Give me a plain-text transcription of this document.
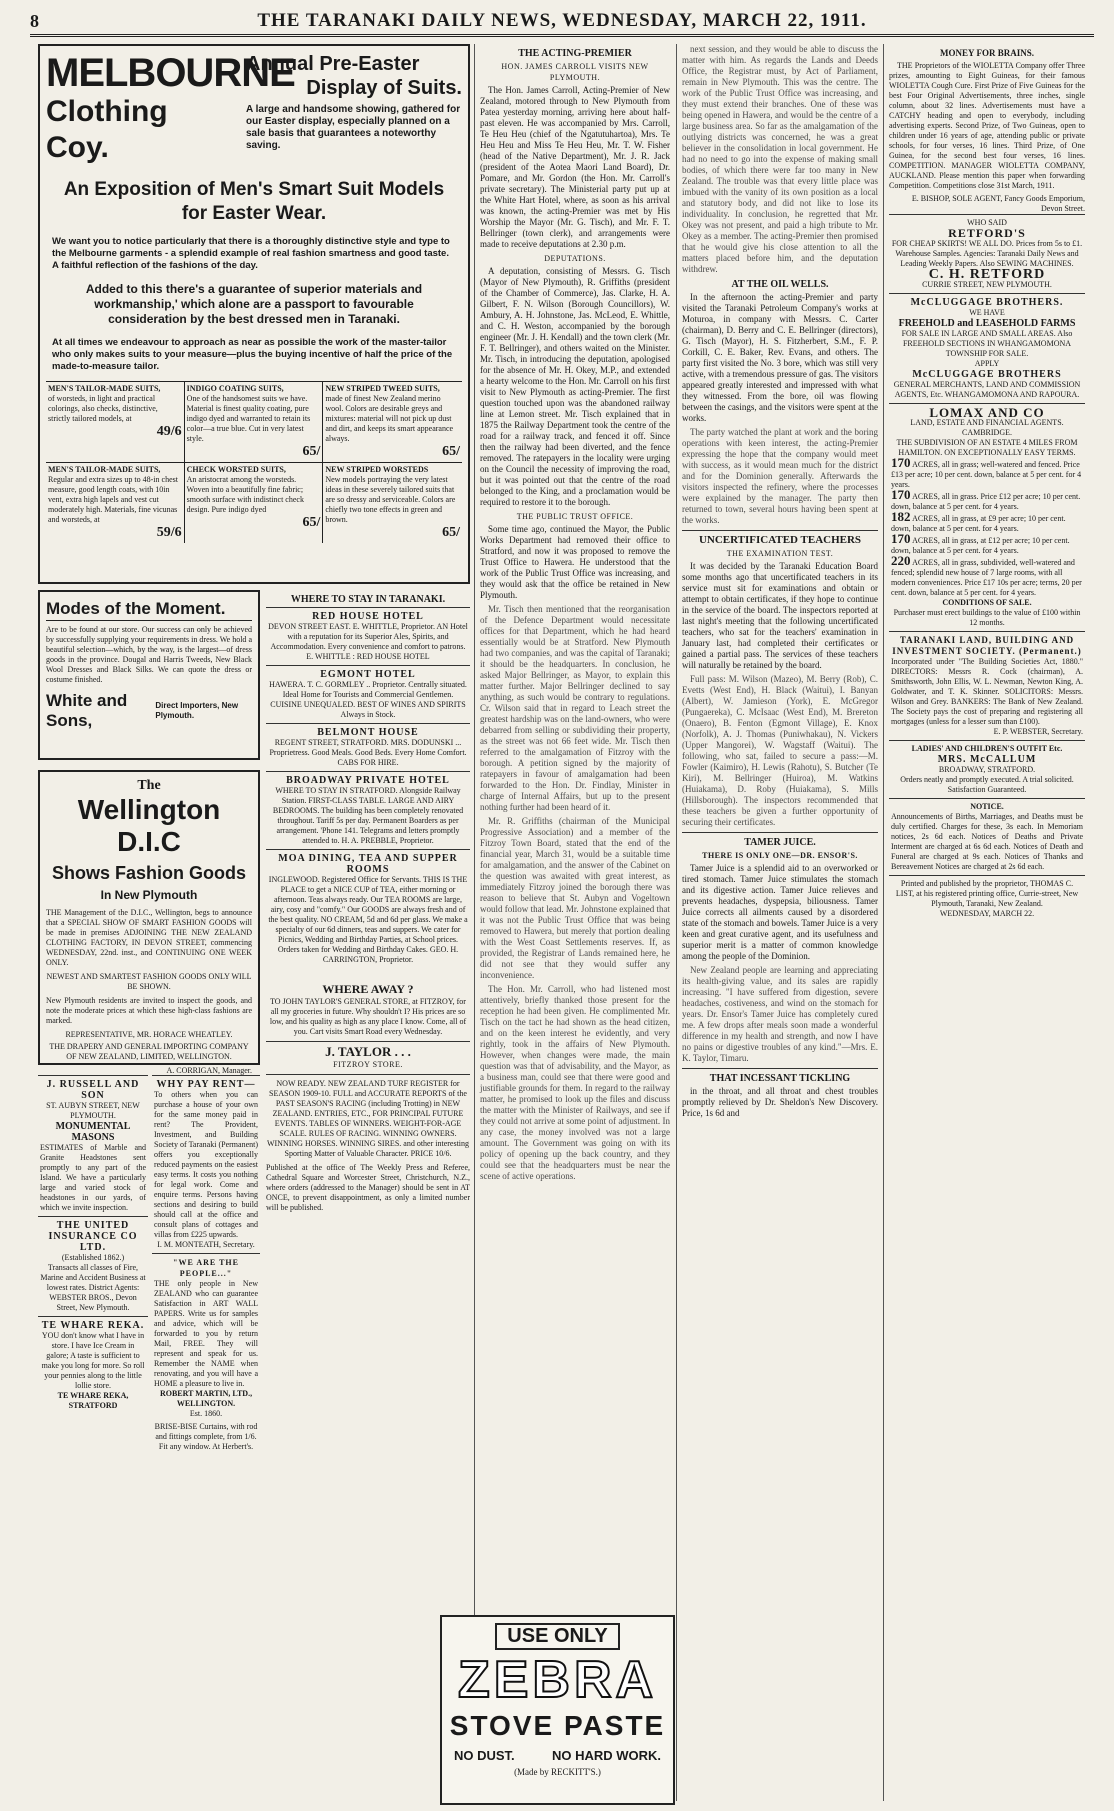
8	THE TARANAKI DAILY NEWS, WEDNESDAY, MARCH 22, 1911.
MELBOURNE
Clothing Coy.
Annual Pre-Easter
Display of Suits.
A large and handsome showing, gathered for our Easter display, especially planned on a sale basis that guarantees a noteworthy saving.
An Exposition of Men's Smart Suit Models for Easter Wear.
We want you to notice particularly that there is a thoroughly distinctive style and type to the Melbourne garments - a splendid example of real fashion smartness and good taste. A faithful reflection of the fashions of the day.
Added to this there's a guarantee of superior materials and workmanship,' which alone are a passport to favourable consideration by the best dressed men in Taranaki.
At all times we endeavour to approach as near as possible the work of the master-tailor who only makes suits to your measure—plus the buying incentive of half the price of the made-to-measure tailor.
MEN'S TAILOR-MADE SUITS,
of worsteds, in light and practical colorings, also checks, distinctive, strictly tailored models, at
49/6
INDIGO COATING SUITS,
One of the handsomest suits we have. Material is finest quality coating, pure indigo dyed and warranted to retain its color—a true blue. Cut in very latest style.
65/
NEW STRIPED TWEED SUITS,
made of finest New Zealand merino wool. Colors are desirable greys and mixtures: material will not pick up dust and dirt, and keeps its smart appearance always.
65/
MEN'S TAILOR-MADE SUITS,
Regular and extra sizes up to 48-in chest measure, good length coats, with 10in vent, extra high lapels and vest cut moderately high. Materials, fine vicunas and worsteds, at
59/6
CHECK WORSTED SUITS,
An aristocrat among the worsteds. Woven into a beautifully fine fabric; smooth surface with indistinct check design. Pure indigo dyed
65/
NEW STRIPED WORSTEDS
New models portraying the very latest ideas in these severely tailored suits that are so dressy and serviceable. Colors are chiefly two tone effects in green and brown.
65/
Modes of the Moment.
Are to be found at our store. Our success can only be achieved by successfully supplying your requirements in dress. We hold a beautiful selection—which, by the way, is the largest—of dress goods in the province. Dougal and Harris Tweeds, New Black Wool Dresses and Black Silks. We can quote the dress or costume finished.
White and Sons,
Direct Importers, New Plymouth.
WHERE TO STAY IN TARANAKI.
RED HOUSE HOTEL
DEVON STREET EAST. E. WHITTLE, Proprietor. AN Hotel with a reputation for its Superior Ales, Spirits, and Accommodation. Every convenience and comfort to patrons. E. WHITTLE : RED HOUSE HOTEL
EGMONT HOTEL
HAWERA. T. C. GORMLEY .. Proprietor. Centrally situated. Ideal Home for Tourists and Commercial Gentlemen. CUISINE UNEQUALED. BEST OF WINES AND SPIRITS Always in Stock.
BELMONT HOUSE
REGENT STREET, STRATFORD. MRS. DODUNSKI ... Proprietress. Good Meals. Good Beds. Every Home Comfort. CABS FOR HIRE.
BROADWAY PRIVATE HOTEL
WHERE TO STAY IN STRATFORD. Alongside Railway Station. FIRST-CLASS TABLE. LARGE AND AIRY BEDROOMS. The building has been completely renovated throughout. Tariff 5s per day. Permanent Boarders as per arrangement. 'Phone 141. Telegrams and letters promptly attended to. H. A. PREBBLE, Proprietor.
MOA DINING, TEA AND SUPPER ROOMS
INGLEWOOD. Registered Office for Servants. THIS IS THE PLACE to get a NICE CUP of TEA, either morning or afternoon. Teas always ready. Our TEA ROOMS are large, airy, cosy and "comfy." Our GOODS are always fresh and of the best quality. NO CREAM, 5d and 6d per glass. We make a specialty of our 6d dinners, teas and suppers. We cater for Picnics, Wedding and Birthday Parties, at School prices. Orders taken for Wedding and Birthday Cakes. GEO. H. CARRINGTON, Proprietor.
The
Wellington D.I.C
Shows Fashion Goods
In New Plymouth
THE Management of the D.I.C., Wellington, begs to announce that a SPECIAL SHOW OF SMART FASHION GOODS will be made in premises ADJOINING THE NEW ZEALAND CLOTHING FACTORY, IN DEVON STREET, commencing WEDNESDAY, 22nd. inst., and CONTINUING ONE WEEK ONLY.
NEWEST AND SMARTEST FASHION GOODS ONLY WILL BE SHOWN.
New Plymouth residents are invited to inspect the goods, and note the moderate prices at which these high-class fashions are marked.
REPRESENTATIVE, MR. HORACE WHEATLEY.
THE DRAPERY AND GENERAL IMPORTING COMPANY OF NEW ZEALAND, LIMITED, WELLINGTON.
A. CORRIGAN, Manager.
WHERE AWAY ?
TO JOHN TAYLOR'S GENERAL STORE, at FITZROY, for all my groceries in future. Why shouldn't I? His prices are so low, and his quality as high as any place I know. Come, all of you. Cart visits Smart Road every Wednesday.
J. TAYLOR . . .
FITZROY STORE.
NOW READY. NEW ZEALAND TURF REGISTER for SEASON 1909-10. FULL and ACCURATE REPORTS of the PAST SEASON'S RACING (including Trotting) in NEW ZEALAND. ENTRIES, ETC., FOR PRINCIPAL FUTURE EVENTS. TABLES OF WINNERS. WEIGHT-FOR-AGE SCALE. RULES OF RACING. WINNING OWNERS. WINNING HORSES. WINNING SIRES. and other interesting Sporting Matter of Valuable Character. PRICE 10/6.
Published at the office of The Weekly Press and Referee, Cathedral Square and Worcester Street, Christchurch, N.Z., where orders (addressed to the Manager) should be sent in AT ONCE, to prevent disappointment, as only a limited number will be published.
J. RUSSELL AND SON
ST. AUBYN STREET, NEW PLYMOUTH.
MONUMENTAL MASONS
ESTIMATES of Marble and Granite Headstones sent promptly to any part of the Island. We have a particularly large and varied stock of headstones in our yards, of which we invite inspection.
THE UNITED INSURANCE CO LTD.
(Established 1862.)
Transacts all classes of Fire, Marine and Accident Business at lowest rates. District Agents: WEBSTER BROS., Devon Street, New Plymouth.
TE WHARE REKA.
YOU don't know what I have in store. I have Ice Cream in galore; A taste is sufficient to make you long for more. So roll your pennies along to the little lollie store.
TE WHARE REKA, STRATFORD
WHY PAY RENT—
To others when you can purchase a house of your own for the same money paid in rent? The Provident, Investment, and Building Society of Taranaki (Permanent) offers you exceptionally reduced payments on the easiest easy terms. It costs you nothing for legal work. Come and enquire terms. Persons having sections and desiring to build should call at the office and consult plans of cottages and villas from £225 upwards.
I. M. MONTEATH, Secretary.
"WE ARE THE PEOPLE..."
THE only people in New ZEALAND who can guarantee Satisfaction in ART WALL PAPERS. Write us for samples and advice, which will be forwarded to you by return Mail, FREE. They will represent and speak for us. Remember the NAME when renovating, and you will have a HOME a pleasure to live in.
ROBERT MARTIN, LTD., WELLINGTON.
Est. 1860.
BRISE-BISE Curtains, with rod and fittings complete, from 1/6. Fit any window. At Herbert's.
THE ACTING-PREMIER
HON. JAMES CARROLL VISITS NEW PLYMOUTH.
The Hon. James Carroll, Acting-Premier of New Zealand, motored through to New Plymouth from Patea yesterday morning, arriving here about half-past eleven. He was accompanied by Mrs. Carroll, Te Heu Heu (chief of the Ngatutuhartoa), Mrs. Te Heu Heu and Miss Te Heu Heu, Mr. T. W. Fisher (head of the Native Department), Mr. J. R. Jack (president of the Aotea Maori Land Board), Dr. Pomare, and Mr. Gordon (the Hon. Mr. Carroll's private secretary). The Ministerial party put up at the White Hart Hotel, where, as soon as his arrival was known, the acting-Premier was met by His Worship the Mayor (Mr. G. Tisch), and Mr. F. T. Bellringer (town clerk), and arrangements were made to receive deputations at 2.30 p.m.
DEPUTATIONS.
A deputation, consisting of Messrs. G. Tisch (Mayor of New Plymouth), R. Griffiths (president of the Chamber of Commerce), Jas. Clarke, H. A. Gilbert, F. N. Wilson (Borough Councillors), W. Ambury, A. H. Johnstone, Jas. McLeod, E. Whittle, and C. H. Weston, accompanied by the borough engineer (Mr. J. H. Kendall) and the town clerk (Mr. F. T. Bellringer), and others waited on the Minister. Mr. Tisch, in introducing the deputation, apologised for the absence of Mr. H. Okey, M.P., and extended a hearty welcome to the Hon. Mr. Carroll on his first visit to New Plymouth as acting-Premier. The first question touched upon was the abandoned railway line at Lemon street. Mr. Tisch explained that in 1875 the Railway Department took the centre of the road for a railway track, and fenced it off. Since then the railway had been diverted, and the fence removed. The ratepayers in the locality were urging on the Council the necessity of improving the road, but it was pointed out that the centre of the road belonged to the King, and a proclamation would be required to restore it to the borough.
THE PUBLIC TRUST OFFICE.
Some time ago, continued the Mayor, the Public Works Department had removed their office to Stratford, and now it was proposed to remove the Trust Office to Hawera. He understood that the work of the Public Trust Office was increasing, and they would ask that the office be retained in New Plymouth.
Mr. Tisch then mentioned that the reorganisation of the Defence Department would necessitate offices for that Department, which he had heard essentially would be at Stratford. New Plymouth had two companies, and was the capital of Taranaki; it should be the headquarters. In conclusion, he asked Major Bellringer, as Mayor, to explain this matter further. Major Bellringer declined to say anything, as such would be contrary to regulations. Cr. Wilson said that in regard to Leach street the greatest hardship was on the land-owners, who were debarred from selling or subdividing their property, as the street was not 66 feet wide. Mr. Tisch then referred to the amalgamation of Fitzroy with the borough. A petition signed by the majority of ratepayers in favour of amalgamation had been forwarded to the Hon. Dr. Findlay, Minister in charge of Internal Affairs, but up to the present nothing further had been heard of it.
Mr. R. Griffiths (chairman of the Municipal Progressive Association) and a member of the Fitzroy Town Board, stated that the end of the financial year, March 31, would be a suitable time for amalgamation, and the answer of the Cabinet on the question was awaited with great interest, as immediately Fitzroy joined the borough there was reason to believe that St. Aubyn and Vogeltown would follow that lead. Mr. Johnstone explained that it was not the Public Trust Office that was being removed to Hawera, but merely that portion dealing with the West Coast Settlements reserves. If, as provided, the Registrar of Lands remained here, he did not see that they would suffer any inconvenience.
The Hon. Mr. Carroll, who had listened most attentively, briefly thanked those present for the reception he had been given. He complimented Mr. Tisch on the tact he had shown as the head citizen, and on the keen interest he evidently, and very rightly, took in the affairs of New Plymouth. However, when changes were made, the main question was that of advisability, and the Mayor, as a business man, could see that there were good and justifiable grounds for them. In regard to the railway matter, he promised to look up the files and discuss the matter with the Minister of Railways, and see if they could not arrive at some point of adjustment. In any case, the money involved was not a large amount. The Government was going on with its policy of opening up the back country, and they could see that the headquarters must be near the scene of active operations.
next session, and they would be able to discuss the matter with him. As regards the Lands and Deeds Office, the Registrar must, by Act of Parliament, remain in New Plymouth. This was the centre. The work of the Public Trust Office was increasing, and they must extend their branches. One of these was being opened in Hawera, and would be the centre of a large business area. So far as the amalgamation of the outlying districts was concerned, he was a great believer in the consolidation in local government. He had no need to go into the expense of making small bodies, of which there were far too many in New Zealand. The trouble was that every little place was imbued with the vanity of its own position as a local and statutory body, and did not like to lose its individuality. In conclusion, he regretted that Mr. Okey was not present, and paid a high tribute to Mr. Okey as a member. The acting-Premier then promised that he would give his close attention to all the matters placed before him, and the deputation withdrew.
AT THE OIL WELLS.
In the afternoon the acting-Premier and party visited the Taranaki Petroleum Company's works at Moturoa, in company with Messrs. C. Carter (chairman), D. Berry and C. E. Bellringer (directors), G. Tisch (Mayor), H. S. Fitzherbert, S.M., F. P. Corkill, C. E. Baker, Rev. Evans, and others. The party first visited the No. 3 bore, which was still very active, with a tremendous pressure of gas. The visitors appeared greatly interested and impressed with what they witnessed. From the bore, oil was flowing between the casings, and the visitors were spent at the works.
The party watched the plant at work and the boring operations with keen interest, the acting-Premier expressing the hope that the company would meet with success, as it would mean much for the district and for the Dominion generally. Afterwards the visitors inspected the refinery, where the processes were explained by the manager. The party then returned to town, several hours having been spent at the works.
UNCERTIFICATED TEACHERS
THE EXAMINATION TEST.
It was decided by the Taranaki Education Board some months ago that uncertificated teachers in its service must sit for examinations and obtain or attempt to obtain certificates, if they hope to continue in the service of the board. The inspectors reported at last night's meeting that the following uncertificated teachers, who sat for the teachers' examination in January last, had completed their certificates or gained a partial pass. The services of these teachers will naturally be retained by the board.
Full pass: M. Wilson (Mazeo), M. Berry (Rob), C. Evetts (West End), H. Black (Waitui), I. Banyan (Albert), W. Jamieson (York), E. McGregor (Pungaereka), C. McIsaac (West End), M. Brereton (Onaero), B. Fenton (Egmont Village), E. Knox (Norfolk), A. J. Thomas (Puniwhakau), N. Vickers (Upper Mangorei), W. Wagstaff (Waitui). The following, who sat, failed to secure a pass:—M. Fowler (Kaimiro), H. Lewis (Rahotu), S. Butcher (Te Kiri), M. Bellringer (Huiroa), M. Watkins (Huiakama), D. Roby (Huiakama), S. Mills (Hillsborough). The inspectors recommended that these teachers be given a further opportunity of securing their certificates.
TAMER JUICE.
THERE IS ONLY ONE—DR. ENSOR'S.
Tamer Juice is a splendid aid to an overworked or tired stomach. Tamer Juice stimulates the stomach and its digestive action. Tamer Juice relieves and prevents headaches, dyspepsia, biliousness. Tamer Juice corrects all ailments caused by a disordered state of the stomach and bowels. Tamer Juice is a very keen and great curative agent, and its usefulness and superior merit is a matter of common knowledge among the people of the Dominion.
New Zealand people are learning and appreciating its health-giving value, and its sales are rapidly increasing. "I have suffered from digestion, severe headaches, costiveness, and wind on the stomach for years. Dr. Ensor's Tamer Juice has completely cured me. A few drops after meals soon made a wonderful difference in my health and strength, and now I have no pains or digestive troubles of any kind."—Mrs. E. K. Taylor, Timaru.
THAT INCESSANT TICKLING
in the throat, and all throat and chest troubles promptly relieved by Dr. Sheldon's New Discovery. Price, 1s 6d and
USE ONLY
ZEBRA
STOVE PASTE
NO DUST.	NO HARD WORK.
(Made by RECKITT'S.)
MONEY FOR BRAINS.
THE Proprietors of the WIOLETTA Company offer Three prizes, amounting to Eight Guineas, for their famous WIOLETTA Cough Cure. First Prize of Five Guineas for the best Four Original Advertisements, three inches, single column, about 32 lines. Advertisements must have a CATCHY heading and open to everybody, including advertising experts. Second Prize, of Two Guineas, open to children under 16 years of age, attending public or private schools, for four verses, 16 lines. Third Prize, of One Guinea, for the second best four verses, 16 lines. COMPETITION. MANAGER WIOLETTA COMPANY, AUCKLAND. Please mention this paper when forwarding Competition. Competitions close 31st March, 1911.
E. BISHOP, SOLE AGENT, Fancy Goods Emporium, Devon Street.
WHO SAID
RETFORD'S
FOR CHEAP SKIRTS! WE ALL DO. Prices from 5s to £1. Warehouse Samples. Agencies: Taranaki Daily News and Leading Weekly Papers. Also SEWING MACHINES.
C. H. RETFORD
CURRIE STREET, NEW PLYMOUTH.
McCLUGGAGE BROTHERS.
WE HAVE
FREEHOLD and LEASEHOLD FARMS
FOR SALE IN LARGE AND SMALL AREAS. Also FREEHOLD SECTIONS IN WHANGAMOMONA TOWNSHIP FOR SALE.
APPLY
McCLUGGAGE BROTHERS
GENERAL MERCHANTS, LAND AND COMMISSION AGENTS, Etc. WHANGAMOMONA AND RAPOURA.
LOMAX AND CO
LAND, ESTATE AND FINANCIAL AGENTS.
CAMBRIDGE.
THE SUBDIVISION OF AN ESTATE 4 MILES FROM HAMILTON. ON EXCEPTIONALLY EASY TERMS.
170 ACRES, all in grass; well-watered and fenced. Price £13 per acre; 10 per cent. down, balance at 5 per cent. for 4 years.
170 ACRES, all in grass. Price £12 per acre; 10 per cent. down, balance at 5 per cent. for 4 years.
182 ACRES, all in grass, at £9 per acre; 10 per cent. down, balance at 5 per cent. for 4 years.
170 ACRES, all in grass, at £12 per acre; 10 per cent. down, balance at 5 per cent. for 4 years.
220 ACRES, all in grass, subdivided, well-watered and fenced; splendid new house of 7 large rooms, with all modern conveniences. Price £17 10s per acre; terms, 20 per cent. down, balance at 5 per cent. for 4 years.
CONDITIONS OF SALE.
Purchaser must erect buildings to the value of £100 within 12 months.
TARANAKI LAND, BUILDING AND INVESTMENT SOCIETY. (Permanent.)
Incorporated under "The Building Societies Act, 1880." DIRECTORS: Messrs R. Cock (chairman), A. Smithsworth, John Ellis, W. L. Newman, Newton King, A. Goldwater, and T. K. Skinner. SOLICITORS: Messrs. Wilson and Grey. BANKERS: The Bank of New Zealand. The Society pays the cost of preparing and registering all mortgages (unless for a lesser sum than £100).
E. P. WEBSTER, Secretary.
LADIES' AND CHILDREN'S OUTFIT Etc.
MRS. McCALLUM
BROADWAY, STRATFORD.
Orders neatly and promptly executed. A trial solicited. Satisfaction Guaranteed.
NOTICE.
Announcements of Births, Marriages, and Deaths must be duly certified. Charges for these, 3s each. In Memoriam notices, 2s 6d each. Notices of Deaths and Private Interment are charged at 6s 6d each. Notices of Death and Funeral are charged at 9s each. Notices of Thanks and Bereavement Notices are charged at 2s 6d each.
Printed and published by the proprietor, THOMAS C. LIST, at his registered printing office, Currie-street, New Plymouth, Taranaki, New Zealand.
WEDNESDAY, MARCH 22.
